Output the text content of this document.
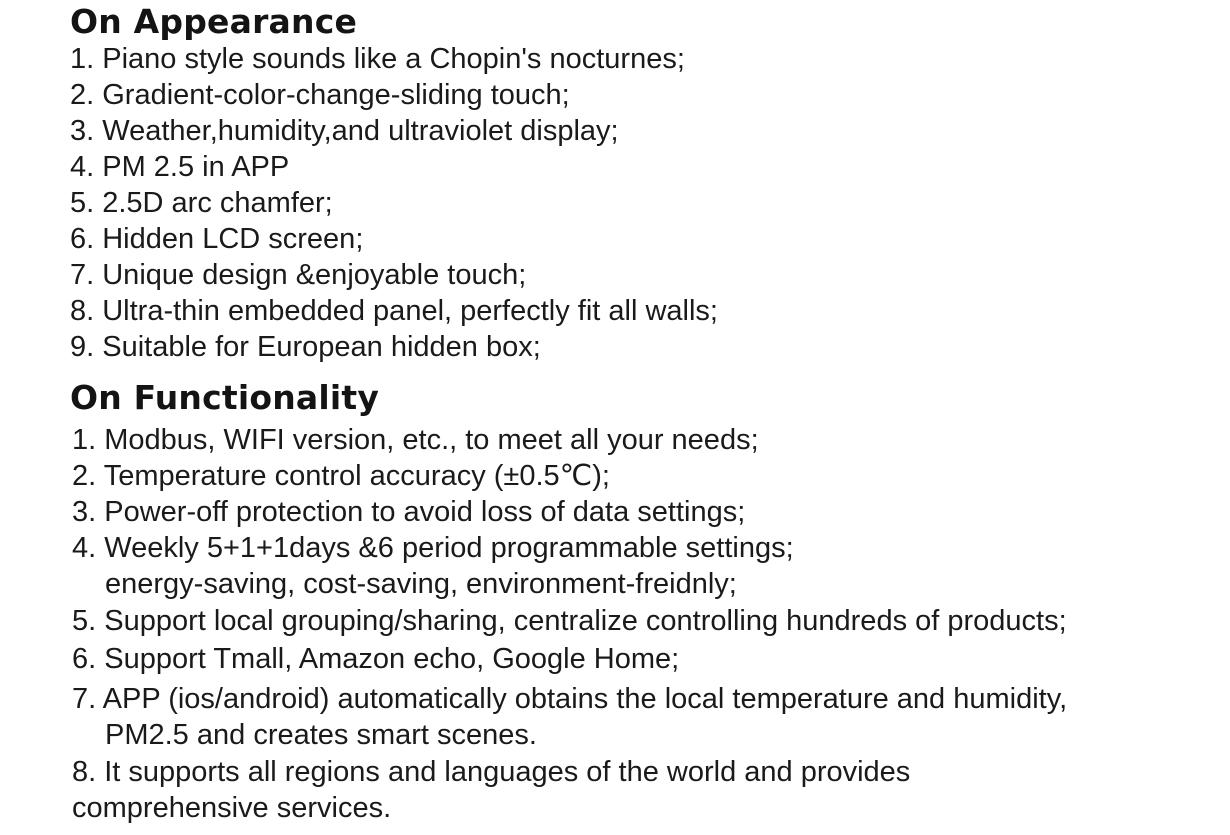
On Appearance

1. Piano style sounds like a Chopin's nocturnes;

2. Gradient-color-change-sliding touch;

3. Weather,humidity,and ultraviolet display;

4. PM 2.5 in APP

5. 2.5D arc chamfer;

6. Hidden LCD screen;

7. Unique design &enjoyable touch;

8. Ultra-thin embedded panel, perfectly fit all walls;

9. Suitable for European hidden box;

On Functionality

1. Modbus, WIFI version, etc., to meet all your needs;

2. Temperature control accuracy (±0.5℃);

3. Power-off protection to avoid loss of data settings;

4. Weekly 5+1+1days &6 period programmable settings;

energy-saving, cost-saving, environment-freidnly;

5. Support local grouping/sharing, centralize controlling hundreds of products;

6. Support Tmall, Amazon echo, Google Home;

7. APP (ios/android) automatically obtains the local temperature and humidity,

PM2.5 and creates smart scenes.

8. It supports all regions and languages of the world and provides

comprehensive services.
